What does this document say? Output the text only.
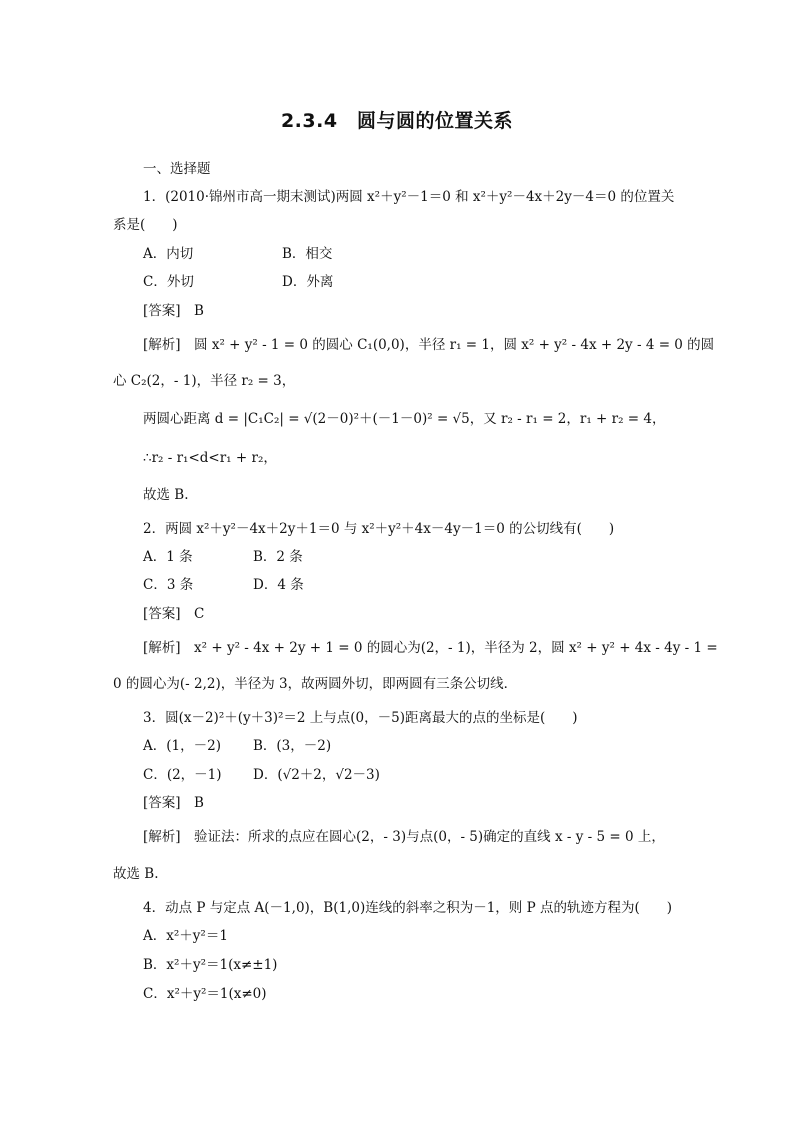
2.3.4　圆与圆的位置关系
一、选择题
1．(2010·锦州市高一期末测试)两圆 x²＋y²－1＝0 和 x²＋y²－4x＋2y－4＝0 的位置关
系是(　　)
A．内切	B．相交
C．外切	D．外离
[答案]　B
[解析]　圆 x² + y² - 1 = 0 的圆心 C₁(0,0)，半径 r₁ = 1，圆 x² + y² - 4x + 2y - 4 = 0 的圆
心 C₂(2，- 1)，半径 r₂ = 3，
两圆心距离 d = |C₁C₂| = √(2－0)²＋(－1－0)² = √5，又 r₂ - r₁ = 2，r₁ + r₂ = 4，
∴r₂ - r₁<d<r₁ + r₂，
故选 B.
2．两圆 x²＋y²－4x＋2y＋1＝0 与 x²＋y²＋4x－4y－1＝0 的公切线有(　　)
A．1 条	B．2 条
C．3 条	D．4 条
[答案]　C
[解析]　x² + y² - 4x + 2y + 1 = 0 的圆心为(2，- 1)，半径为 2，圆 x² + y² + 4x - 4y - 1 =
0 的圆心为(- 2,2)，半径为 3，故两圆外切，即两圆有三条公切线．
3．圆(x－2)²＋(y＋3)²＝2 上与点(0，－5)距离最大的点的坐标是(　　)
A．(1，－2) B．(3，－2)
C．(2，－1) D．(√2＋2，√2－3)
[答案]　B
[解析]　验证法：所求的点应在圆心(2，- 3)与点(0，- 5)确定的直线 x - y - 5 = 0 上，
故选 B.
4．动点 P 与定点 A(－1,0)，B(1,0)连线的斜率之积为－1，则 P 点的轨迹方程为(　　)
A．x²＋y²＝1
B．x²＋y²＝1(x≠±1)
C．x²＋y²＝1(x≠0)
